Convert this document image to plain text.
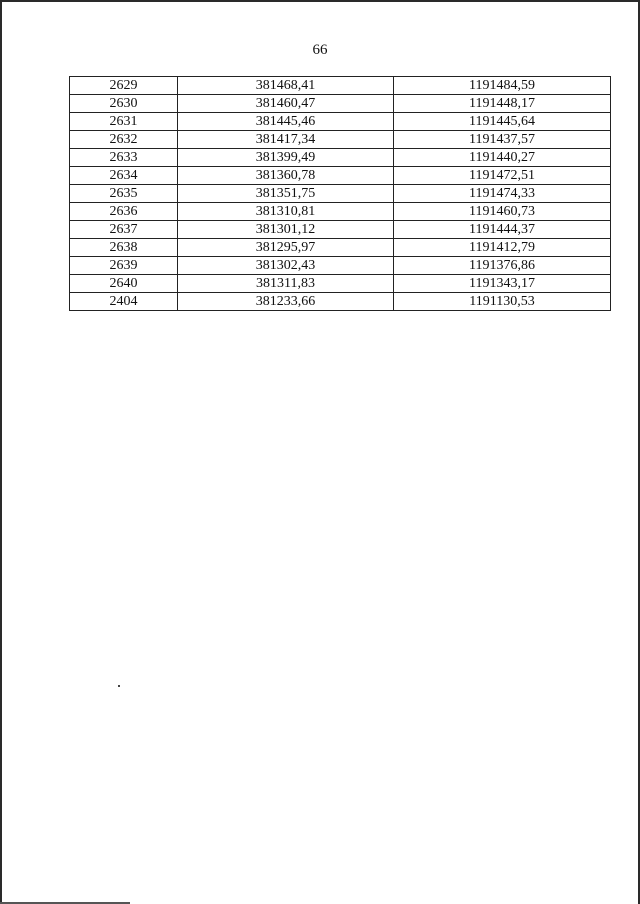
66
2629	381468,41	1191484,59
2630	381460,47	1191448,17
2631	381445,46	1191445,64
2632	381417,34	1191437,57
2633	381399,49	1191440,27
2634	381360,78	1191472,51
2635	381351,75	1191474,33
2636	381310,81	1191460,73
2637	381301,12	1191444,37
2638	381295,97	1191412,79
2639	381302,43	1191376,86
2640	381311,83	1191343,17
2404	381233,66	1191130,53
